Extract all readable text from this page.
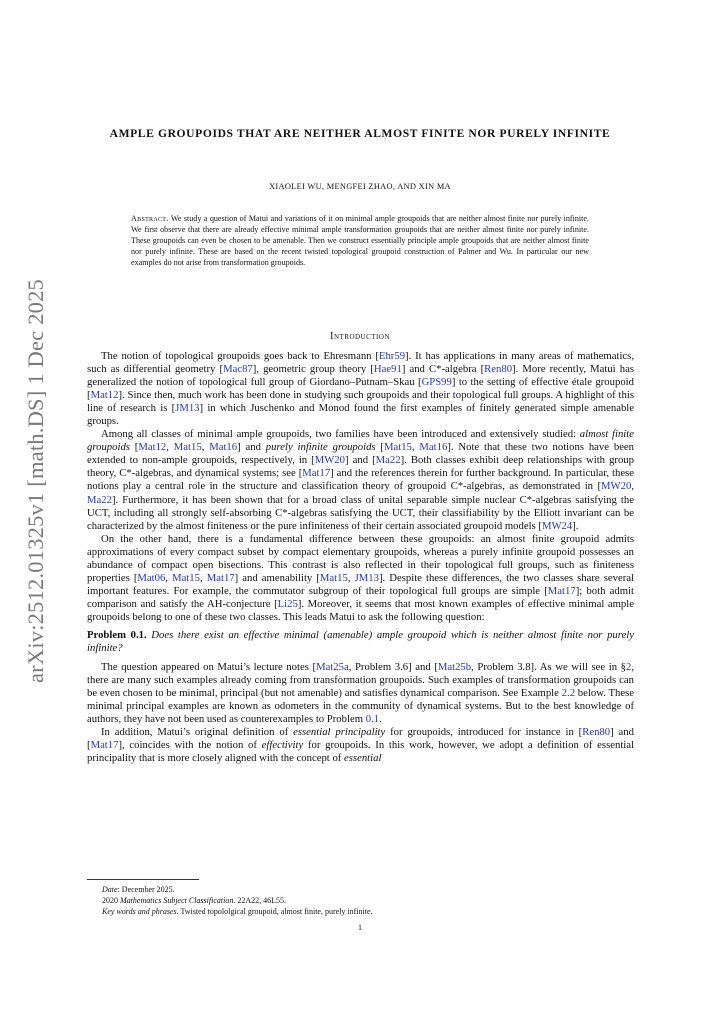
arXiv:2512.01325v1 [math.DS] 1 Dec 2025
AMPLE GROUPOIDS THAT ARE NEITHER ALMOST FINITE NOR PURELY INFINITE
XIAOLEI WU, MENGFEI ZHAO, AND XIN MA
Abstract. We study a question of Matui and variations of it on minimal ample groupoids that are neither almost finite nor purely infinite. We first observe that there are already effective minimal ample transformation groupoids that are neither almost finite nor purely infinite. These groupoids can even be chosen to be amenable. Then we construct essentially principle ample groupoids that are neither almost finite nor purely infinite. These are based on the recent twisted topological groupoid construction of Palmer and Wu. In particular our new examples do not arise from transformation groupoids.
Introduction

The notion of topological groupoids goes back to Ehresmann [Ehr59]. It has applications in many areas of mathematics, such as differential geometry [Mac87], geometric group theory [Hae91] and C*-algebra [Ren80]. More recently, Matui has generalized the notion of topological full group of Giordano–Putnam–Skau [GPS99] to the setting of effective étale groupoid [Mat12]. Since then, much work has been done in studying such groupoids and their topological full groups. A highlight of this line of research is [JM13] in which Juschenko and Monod found the first examples of finitely generated simple amenable groups.

Among all classes of minimal ample groupoids, two families have been introduced and extensively studied: almost finite groupoids [Mat12, Mat15, Mat16] and purely infinite groupoids [Mat15, Mat16]. Note that these two notions have been extended to non-ample groupoids, respectively, in [MW20] and [Ma22]. Both classes exhibit deep relationships with group theory, C*-algebras, and dynamical systems; see [Mat17] and the references therein for further background. In particular, these notions play a central role in the structure and classification theory of groupoid C*-algebras, as demonstrated in [MW20, Ma22]. Furthermore, it has been shown that for a broad class of unital separable simple nuclear C*-algebras satisfying the UCT, including all strongly self-absorbing C*-algebras satisfying the UCT, their classifiability by the Elliott invariant can be characterized by the almost finiteness or the pure infiniteness of their certain associated groupoid models [MW24].

On the other hand, there is a fundamental difference between these groupoids: an almost finite groupoid admits approximations of every compact subset by compact elementary groupoids, whereas a purely infinite groupoid possesses an abundance of compact open bisections. This contrast is also reflected in their topological full groups, such as finiteness properties [Mat06, Mat15, Mat17] and amenability [Mat15, JM13]. Despite these differences, the two classes share several important features. For example, the commutator subgroup of their topological full groups are simple [Mat17]; both admit comparison and satisfy the AH-conjecture [Li25]. Moreover, it seems that most known examples of effective minimal ample groupoids belong to one of these two classes. This leads Matui to ask the following question:

Problem 0.1. Does there exist an effective minimal (amenable) ample groupoid which is neither almost finite nor purely infinite?

The question appeared on Matui’s lecture notes [Mat25a, Problem 3.6] and [Mat25b, Problem 3.8]. As we will see in §2, there are many such examples already coming from transformation groupoids. Such examples of transformation groupoids can be even chosen to be minimal, principal (but not amenable) and satisfies dynamical comparison. See Example 2.2 below. These minimal principal examples are known as odometers in the community of dynamical systems. But to the best knowledge of authors, they have not been used as counterexamples to Problem 0.1.

In addition, Matui’s original definition of essential principality for groupoids, introduced for instance in [Ren80] and [Mat17], coincides with the notion of effectivity for groupoids. In this work, however, we adopt a definition of essential principality that is more closely aligned with the concept of essential

Date: December 2025.
2020 Mathematics Subject Classification. 22A22, 46L55.
Key words and phrases. Twisted topololgical groupoid, almost finite, purely infinite.
1
